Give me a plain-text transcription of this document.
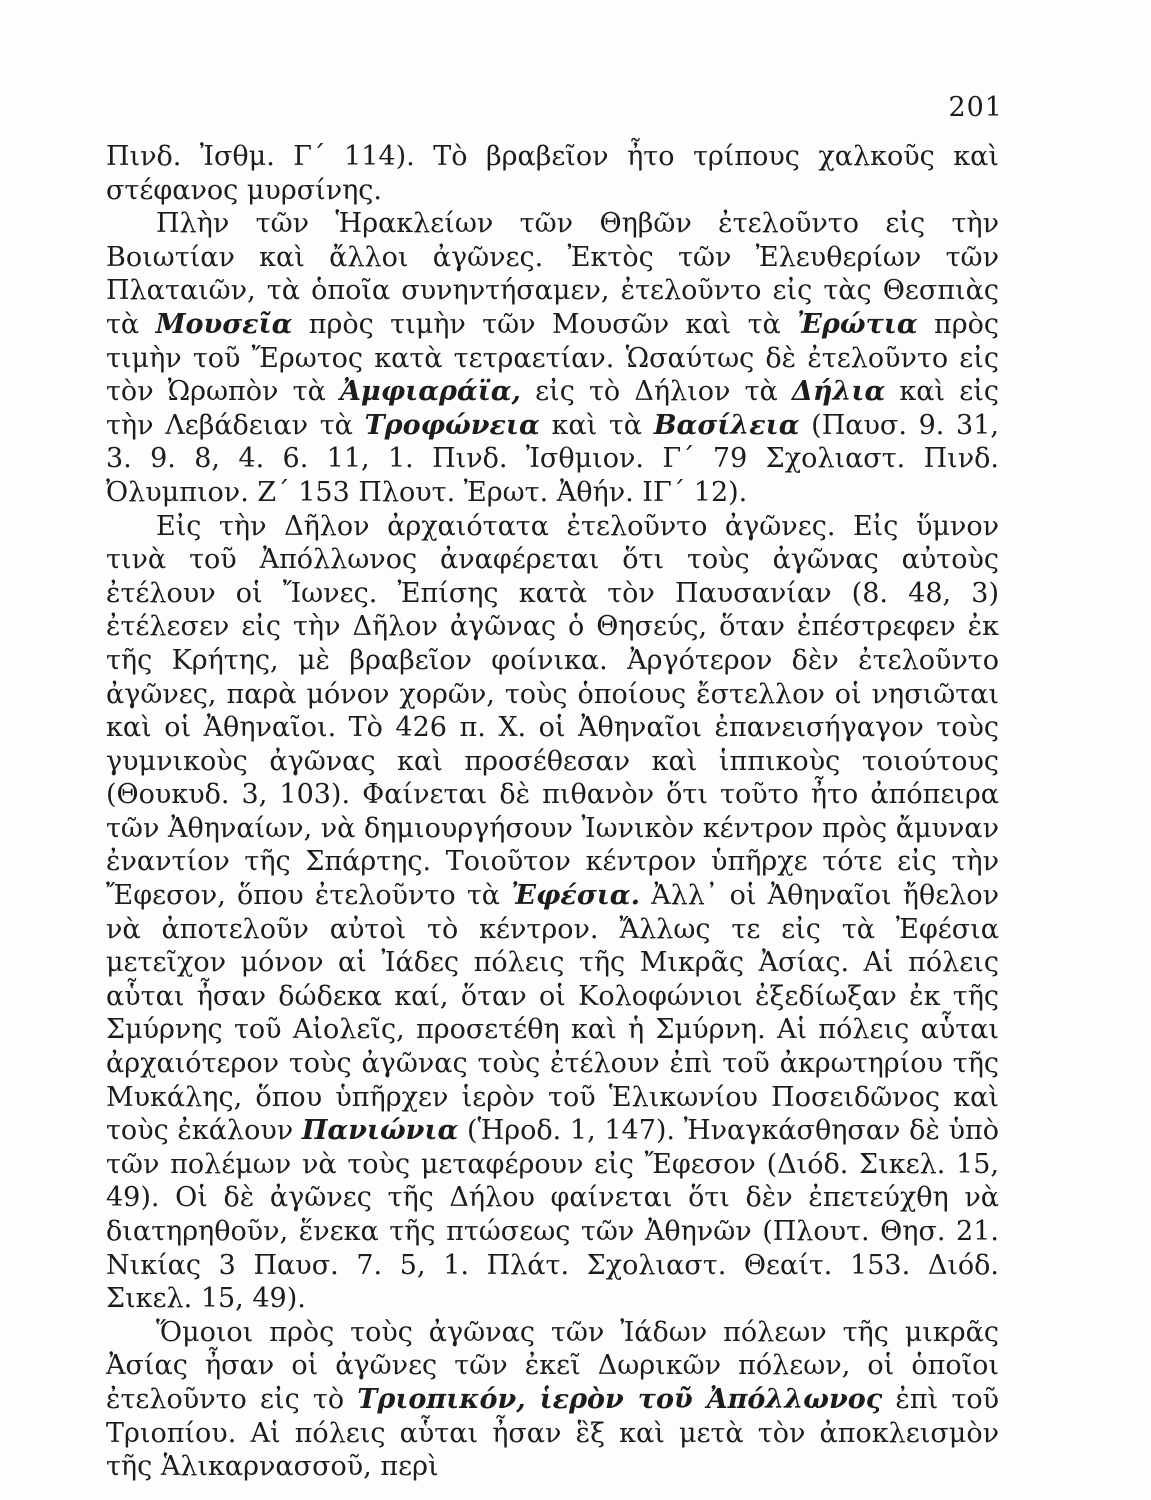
201

Πινδ. Ἰσθμ. Γ΄ 114). Τὸ βραβεῖον ἦτο τρίπους χαλκοῦς καὶ στέφανος μυρσίνης.

Πλὴν τῶν Ἡρακλείων τῶν Θηβῶν ἐτελοῦντο εἰς τὴν Βοιωτίαν καὶ ἄλλοι ἀγῶνες. Ἐκτὸς τῶν Ἐλευθερίων τῶν Πλαταιῶν, τὰ ὁποῖα συνηντήσαμεν, ἐτελοῦντο εἰς τὰς Θεσπιὰς τὰ Μουσεῖα πρὸς τιμὴν τῶν Μουσῶν καὶ τὰ Ἐρώτια πρὸς τιμὴν τοῦ Ἔρωτος κατὰ τετραετίαν. Ὡσαύτως δὲ ἐτελοῦντο εἰς τὸν Ὠρωπὸν τὰ Ἀμφιαράϊα, εἰς τὸ Δήλιον τὰ Δήλια καὶ εἰς τὴν Λεβάδειαν τὰ Τροφώνεια καὶ τὰ Βασίλεια (Παυσ. 9. 31, 3. 9. 8, 4. 6. 11, 1. Πινδ. Ἰσθμιον. Γ΄ 79 Σχολιαστ. Πινδ. Ὀλυμπιον. Ζ΄ 153 Πλουτ. Ἐρωτ. Ἀθήν. ΙΓ΄ 12).

Εἰς τὴν Δῆλον ἀρχαιότατα ἐτελοῦντο ἀγῶνες. Εἰς ὕμνον τινὰ τοῦ Ἀπόλλωνος ἀναφέρεται ὅτι τοὺς ἀγῶνας αὐτοὺς ἐτέλουν οἱ Ἴωνες. Ἐπίσης κατὰ τὸν Παυσανίαν (8. 48, 3) ἐτέλεσεν εἰς τὴν Δῆλον ἀγῶνας ὁ Θησεύς, ὅταν ἐπέστρεφεν ἐκ τῆς Κρήτης, μὲ βραβεῖον φοίνικα. Ἀργότερον δὲν ἐτελοῦντο ἀγῶνες, παρὰ μόνον χορῶν, τοὺς ὁποίους ἔστελλον οἱ νησιῶται καὶ οἱ Ἀθηναῖοι. Τὸ 426 π. Χ. οἱ Ἀθηναῖοι ἐπανεισήγαγον τοὺς γυμνικοὺς ἀγῶνας καὶ προσέθεσαν καὶ ἱππικοὺς τοιούτους (Θουκυδ. 3, 103). Φαίνεται δὲ πιθανὸν ὅτι τοῦτο ἦτο ἀπόπειρα τῶν Ἀθηναίων, νὰ δημιουργήσουν Ἰωνικὸν κέντρον πρὸς ἄμυναν ἐναντίον τῆς Σπάρτης. Τοιοῦτον κέντρον ὑπῆρχε τότε εἰς τὴν Ἔφεσον, ὅπου ἐτελοῦντο τὰ Ἐφέσια. Ἀλλ᾽ οἱ Ἀθηναῖοι ἤθελον νὰ ἀποτελοῦν αὐτοὶ τὸ κέντρον. Ἄλλως τε εἰς τὰ Ἐφέσια μετεῖχον μόνον αἱ Ἰάδες πόλεις τῆς Μικρᾶς Ἀσίας. Αἱ πόλεις αὗται ἦσαν δώδεκα καί, ὅταν οἱ Κολοφώνιοι ἐξεδίωξαν ἐκ τῆς Σμύρνης τοῦ Αἰολεῖς, προσετέθη καὶ ἡ Σμύρνη. Αἱ πόλεις αὗται ἀρχαιότερον τοὺς ἀγῶνας τοὺς ἐτέλουν ἐπὶ τοῦ ἀκρωτηρίου τῆς Μυκάλης, ὅπου ὑπῆρχεν ἱερὸν τοῦ Ἑλικωνίου Ποσειδῶνος καὶ τοὺς ἐκάλουν Πανιώνια (Ἡροδ. 1, 147). Ἠναγκάσθησαν δὲ ὑπὸ τῶν πολέμων νὰ τοὺς μεταφέρουν εἰς Ἔφεσον (Διόδ. Σικελ. 15, 49). Οἱ δὲ ἀγῶνες τῆς Δήλου φαίνεται ὅτι δὲν ἐπετεύχθη νὰ διατηρηθοῦν, ἕνεκα τῆς πτώσεως τῶν Ἀθηνῶν (Πλουτ. Θησ. 21. Νικίας 3 Παυσ. 7. 5, 1. Πλάτ. Σχολιαστ. Θεαίτ. 153. Διόδ. Σικελ. 15, 49).

Ὅμοιοι πρὸς τοὺς ἀγῶνας τῶν Ἰάδων πόλεων τῆς μικρᾶς Ἀσίας ἦσαν οἱ ἀγῶνες τῶν ἐκεῖ Δωρικῶν πόλεων, οἱ ὁποῖοι ἐτελοῦντο εἰς τὸ Τριοπικόν, ἱερὸν τοῦ Ἀπόλλωνος ἐπὶ τοῦ Τριοπίου. Αἱ πόλεις αὗται ἦσαν ἓξ καὶ μετὰ τὸν ἀποκλεισμὸν τῆς Ἁλικαρνασσοῦ, περὶ
